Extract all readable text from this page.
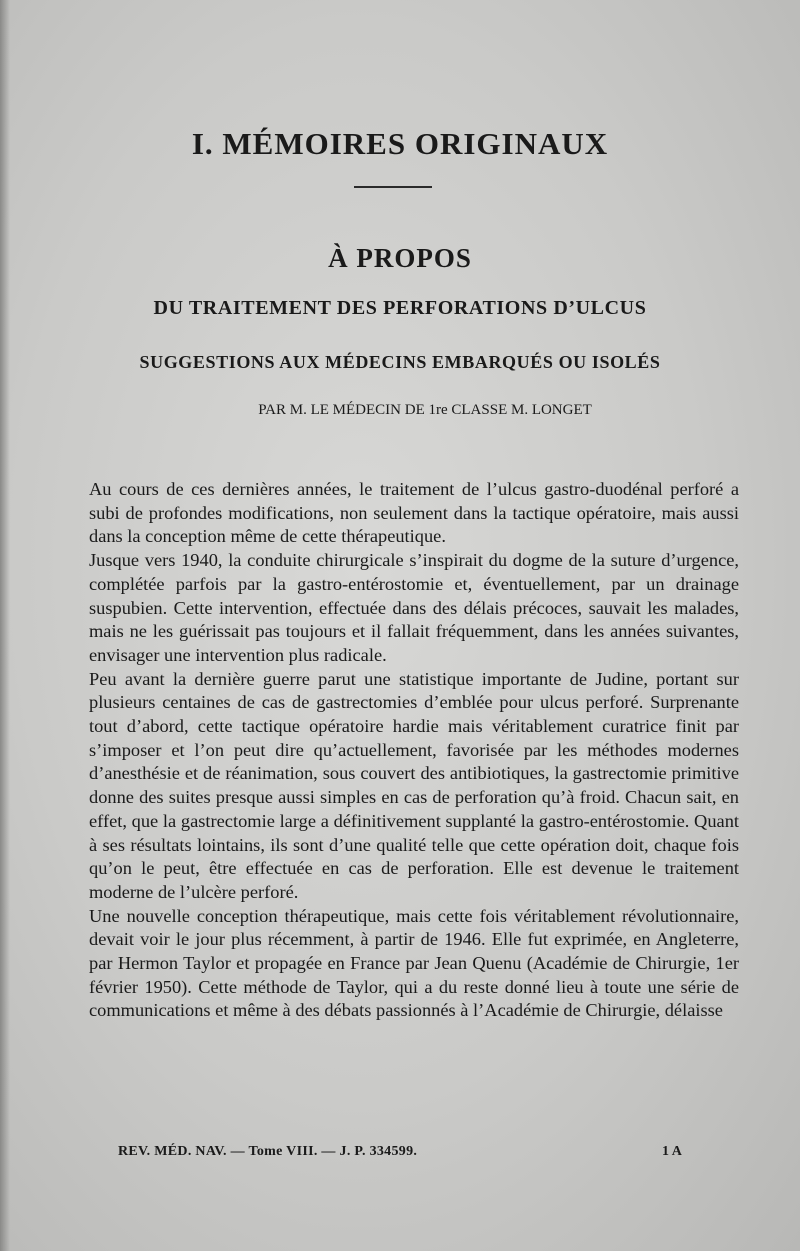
I. MÉMOIRES ORIGINAUX
À PROPOS
DU TRAITEMENT DES PERFORATIONS D’ULCUS
SUGGESTIONS AUX MÉDECINS EMBARQUÉS OU ISOLÉS

PAR M. LE MÉDECIN DE 1re CLASSE M. LONGET

Au cours de ces dernières années, le traitement de l’ulcus gastro-duodénal perforé a subi de profondes modifications, non seulement dans la tactique opératoire, mais aussi dans la conception même de cette thérapeutique.

Jusque vers 1940, la conduite chirurgicale s’inspirait du dogme de la suture d’urgence, complétée parfois par la gastro-entérostomie et, éventuellement, par un drainage suspubien. Cette intervention, effectuée dans des délais précoces, sauvait les malades, mais ne les guérissait pas toujours et il fallait fréquemment, dans les années suivantes, envisager une intervention plus radicale.

Peu avant la dernière guerre parut une statistique importante de Judine, portant sur plusieurs centaines de cas de gastrectomies d’emblée pour ulcus perforé. Surprenante tout d’abord, cette tactique opératoire hardie mais véritablement curatrice finit par s’imposer et l’on peut dire qu’actuellement, favorisée par les méthodes modernes d’anesthésie et de réanimation, sous couvert des antibiotiques, la gastrectomie primitive donne des suites presque aussi simples en cas de perforation qu’à froid. Chacun sait, en effet, que la gastrectomie large a définitivement supplanté la gastro-entérostomie. Quant à ses résultats lointains, ils sont d’une qualité telle que cette opération doit, chaque fois qu’on le peut, être effectuée en cas de perforation. Elle est devenue le traitement moderne de l’ulcère perforé.

Une nouvelle conception thérapeutique, mais cette fois véritablement révolutionnaire, devait voir le jour plus récemment, à partir de 1946. Elle fut exprimée, en Angleterre, par Hermon Taylor et propagée en France par Jean Quenu (Académie de Chirurgie, 1er février 1950). Cette méthode de Taylor, qui a du reste donné lieu à toute une série de communications et même à des débats passionnés à l’Académie de Chirurgie, délaisse

REV. MÉD. NAV. — Tome VIII. — J. P. 334599.	1 A
